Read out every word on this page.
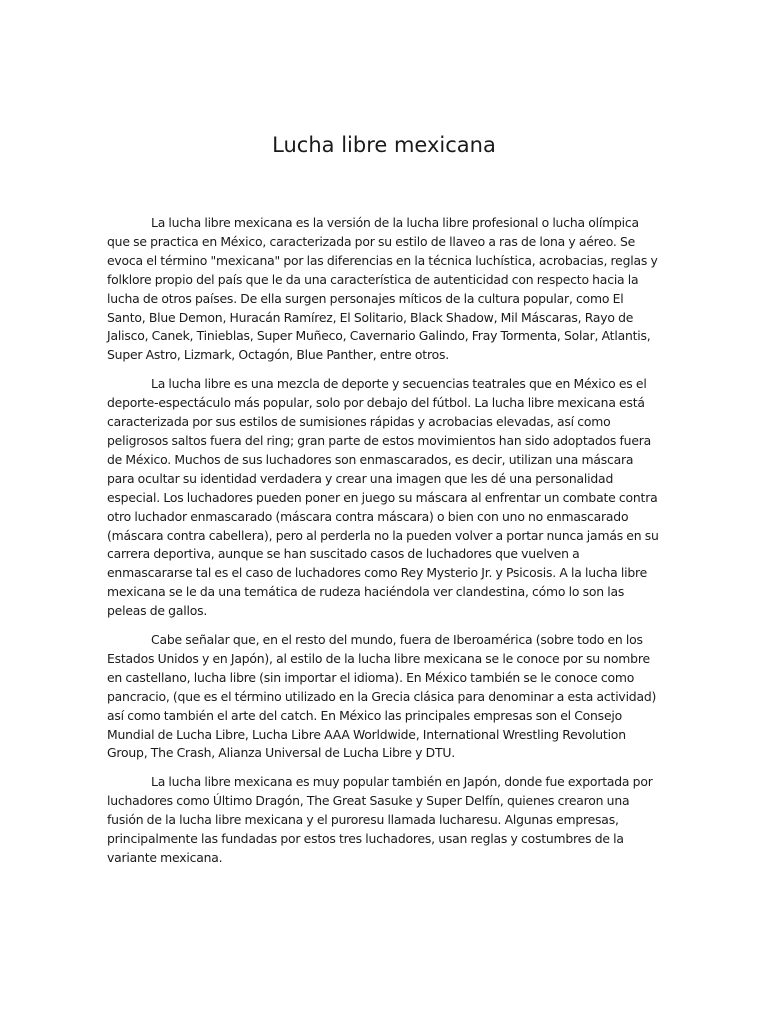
Lucha libre mexicana

La lucha libre mexicana es la versión de la lucha libre profesional o lucha olímpica que se practica en México, caracterizada por su estilo de llaveo a ras de lona y aéreo. Se evoca el término "mexicana" por las diferencias en la técnica luchística, acrobacias, reglas y folklore propio del país que le da una característica de autenticidad con respecto hacia la lucha de otros países. De ella surgen personajes míticos de la cultura popular, como El Santo, Blue Demon, Huracán Ramírez, El Solitario, Black Shadow, Mil Máscaras, Rayo de Jalisco, Canek, Tinieblas, Super Muñeco, Cavernario Galindo, Fray Tormenta, Solar, Atlantis, Super Astro, Lizmark, Octagón, Blue Panther, entre otros.

La lucha libre es una mezcla de deporte y secuencias teatrales que en México es el deporte-espectáculo más popular, solo por debajo del fútbol. La lucha libre mexicana está caracterizada por sus estilos de sumisiones rápidas y acrobacias elevadas, así como peligrosos saltos fuera del ring; gran parte de estos movimientos han sido adoptados fuera de México. Muchos de sus luchadores son enmascarados, es decir, utilizan una máscara para ocultar su identidad verdadera y crear una imagen que les dé una personalidad especial. Los luchadores pueden poner en juego su máscara al enfrentar un combate contra otro luchador enmascarado (máscara contra máscara) o bien con uno no enmascarado (máscara contra cabellera), pero al perderla no la pueden volver a portar nunca jamás en su carrera deportiva, aunque se han suscitado casos de luchadores que vuelven a enmascararse tal es el caso de luchadores como Rey Mysterio Jr. y Psicosis. A la lucha libre mexicana se le da una temática de rudeza haciéndola ver clandestina, cómo lo son las peleas de gallos.

Cabe señalar que, en el resto del mundo, fuera de Iberoamérica (sobre todo en los Estados Unidos y en Japón), al estilo de la lucha libre mexicana se le conoce por su nombre en castellano, lucha libre (sin importar el idioma). En México también se le conoce como pancracio, (que es el término utilizado en la Grecia clásica para denominar a esta actividad) así como también el arte del catch. En México las principales empresas son el Consejo Mundial de Lucha Libre, Lucha Libre AAA Worldwide, International Wrestling Revolution Group, The Crash, Alianza Universal de Lucha Libre y DTU.

La lucha libre mexicana es muy popular también en Japón, donde fue exportada por luchadores como Último Dragón, The Great Sasuke y Super Delfín, quienes crearon una fusión de la lucha libre mexicana y el puroresu llamada lucharesu. Algunas empresas, principalmente las fundadas por estos tres luchadores, usan reglas y costumbres de la variante mexicana.
